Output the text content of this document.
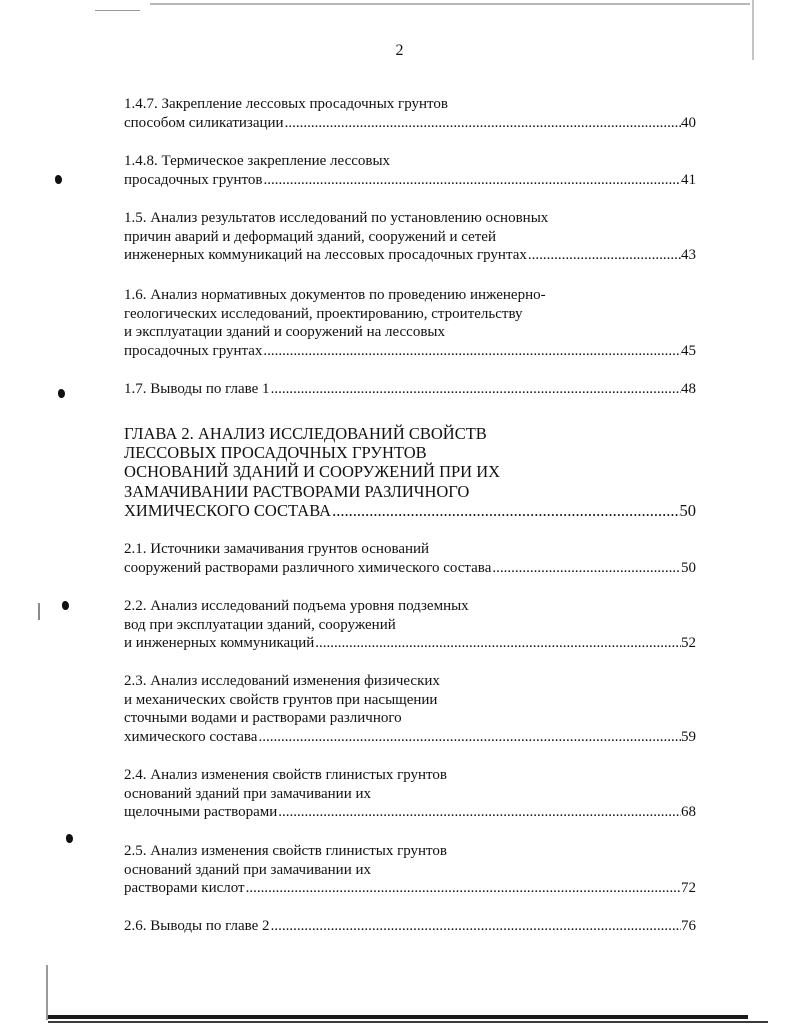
2
1.4.7. Закрепление лессовых просадочных грунтов
способом силикатизации .....	40
1.4.8. Термическое закрепление лессовых
просадочных грунтов .....	41
1.5. Анализ результатов исследований по установлению основных
причин аварий и деформаций зданий, сооружений и сетей
инженерных коммуникаций на лессовых просадочных грунтах .....	43
1.6. Анализ нормативных документов по проведению инженерно-
геологических исследований, проектированию, строительству
и эксплуатации зданий и сооружений на лессовых
просадочных грунтах .....	45
1.7. Выводы по главе 1 .....	48
ГЛАВА 2. АНАЛИЗ ИССЛЕДОВАНИЙ СВОЙСТВ
ЛЕССОВЫХ ПРОСАДОЧНЫХ ГРУНТОВ
ОСНОВАНИЙ ЗДАНИЙ И СООРУЖЕНИЙ ПРИ ИХ
ЗАМАЧИВАНИИ РАСТВОРАМИ РАЗЛИЧНОГО
ХИМИЧЕСКОГО СОСТАВА .....	50
2.1. Источники замачивания грунтов оснований
сооружений растворами различного химического состава .....	50
2.2. Анализ исследований подъема уровня подземных
вод при эксплуатации зданий, сооружений
и инженерных коммуникаций .....	52
2.3. Анализ исследований изменения физических
и механических свойств грунтов при насыщении
сточными водами и растворами различного
химического состава .....	59
2.4. Анализ изменения свойств глинистых грунтов
оснований зданий при замачивании их
щелочными растворами .....	68
2.5. Анализ изменения свойств глинистых грунтов
оснований зданий при замачивании их
растворами кислот .....	72
2.6. Выводы по главе 2 .....	76
